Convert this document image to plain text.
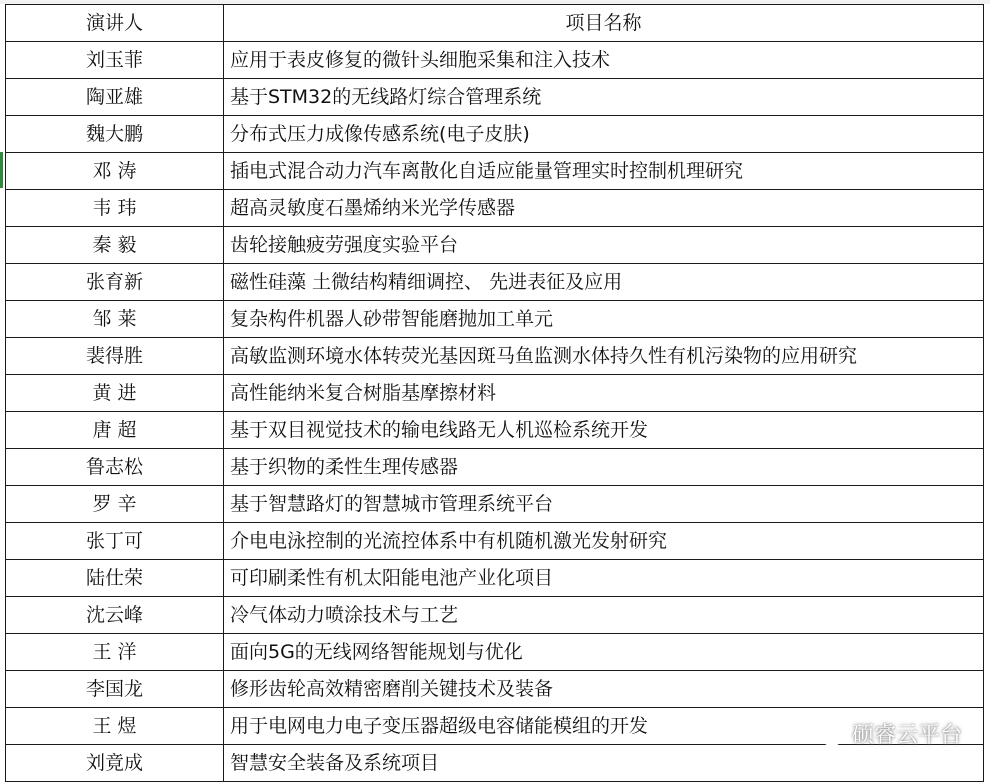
演讲人	项目名称
刘玉菲	应用于表皮修复的微针头细胞采集和注入技术
陶亚雄	基于STM32的无线路灯综合管理系统
魏大鹏	分布式压力成像传感系统(电子皮肤)
邓 涛	插电式混合动力汽车离散化自适应能量管理实时控制机理研究
韦 玮	超高灵敏度石墨烯纳米光学传感器
秦 毅	齿轮接触疲劳强度实验平台
张育新	磁性硅藻 土微结构精细调控、 先进表征及应用
邹 莱	复杂构件机器人砂带智能磨抛加工单元
裴得胜	高敏监测环境水体转荧光基因斑马鱼监测水体持久性有机污染物的应用研究
黄 进	高性能纳米复合树脂基摩擦材料
唐 超	基于双目视觉技术的输电线路无人机巡检系统开发
鲁志松	基于织物的柔性生理传感器
罗 辛	基于智慧路灯的智慧城市管理系统平台
张丁可	介电电泳控制的光流控体系中有机随机激光发射研究
陆仕荣	可印刷柔性有机太阳能电池产业化项目
沈云峰	冷气体动力喷涂技术与工艺
王 洋	面向5G的无线网络智能规划与优化
李国龙	修形齿轮高效精密磨削关键技术及装备
王 煜	用于电网电力电子变压器超级电容储能模组的开发
刘竟成	智慧安全装备及系统项目
硕睿云平台
